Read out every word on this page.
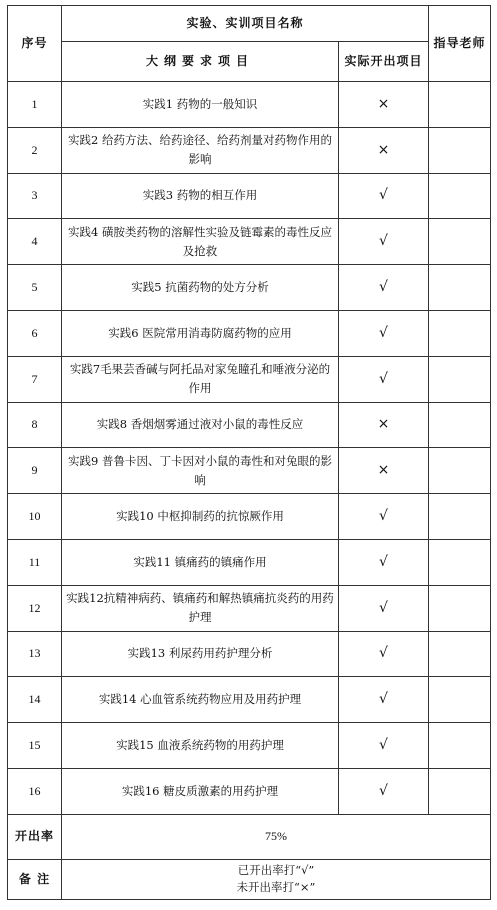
序号	实验、实训项目名称		指导老师
	大纲要求项目	实际开出项目	
1	实践1 药物的一般知识	×	
2	实践2 给药方法、给药途径、给药剂量对药物作用的影响	×	
3	实践3 药物的相互作用	√	
4	实践4 磺胺类药物的溶解性实验及链霉素的毒性反应及抢救	√	
5	实践5 抗菌药物的处方分析	√	
6	实践6 医院常用消毒防腐药物的应用	√	
7	实践7毛果芸香碱与阿托品对家兔瞳孔和唾液分泌的作用	√	
8	实践8 香烟烟雾通过液对小鼠的毒性反应	×	
9	实践9 普鲁卡因、丁卡因对小鼠的毒性和对兔眼的影响	×	
10	实践10 中枢抑制药的抗惊厥作用	√	
11	实践11 镇痛药的镇痛作用	√	
12	实践12抗精神病药、镇痛药和解热镇痛抗炎药的用药护理	√	
13	实践13 利尿药用药护理分析	√	
14	实践14 心血管系统药物应用及用药护理	√	
15	实践15 血液系统药物的用药护理	√	
16	实践16 糖皮质激素的用药护理	√	
开出率	75%		
备 注	已开出率打“√”
未开出率打“×”		
